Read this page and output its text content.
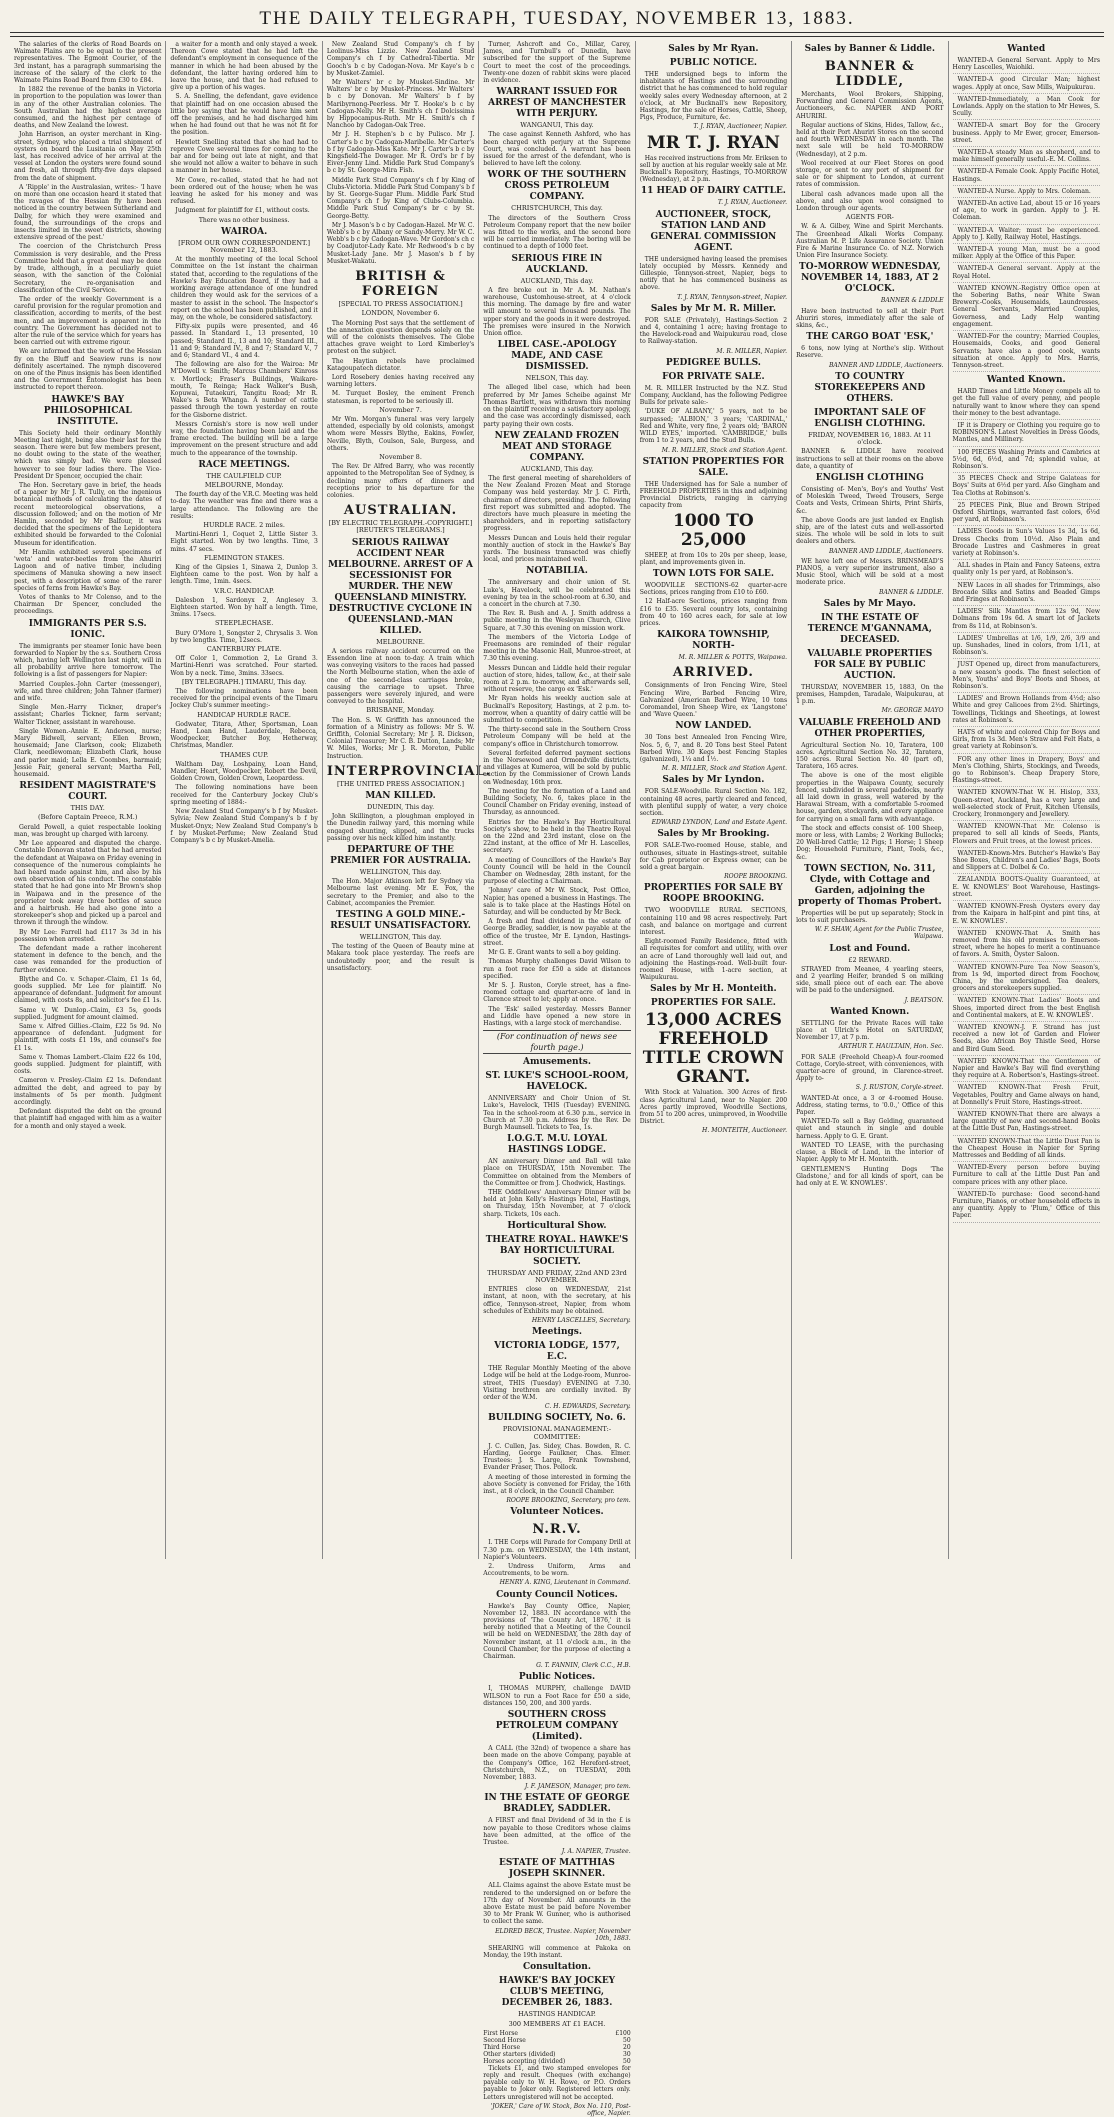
THE DAILY TELEGRAPH, TUESDAY, NOVEMBER 13, 1883.

The salaries of the clerks of Road Boards on Waimate Plains are to be equal to the present representatives. The Egmont Courier, of the 3rd instant, has a paragraph summarising the increase of the salary of the clerk to the Waimate Plains Road Board from £30 to £84.

In 1882 the revenue of the banks in Victoria in proportion to the population was lower than in any of the other Australian colonies. The South Australian had the highest average consumed, and the highest per centage of deaths, and New Zealand the lowest.

John Harrison, an oyster merchant in King-street, Sydney, who placed a trial shipment of oysters on board the Lusitania on May 25th last, has received advice of her arrival at the vessel at London the oysters were found sound and fresh, all through fifty-five days elapsed from the date of shipment.

A 'Ripple' in the Australasian, writes:- 'I have on more than one occasion heard it stated that the ravages of the Hessian fly have been noticed in the country between Sutherland and Dalby, for which they were examined and found, the surroundings of the crops and insects limited in the sweet districts, showing extensive spread of the pest.'

The coercion of the Christchurch Press Commission is very desirable, and the Press Committee hold that a great deal may be done by trade, although, in a peculiarly quiet season, with the sanction of the Colonial Secretary, the re-organisation and classification of the Civil Service.

The order of the weekly Government is a careful provision for the regular promotion and classification, according to merits, of the best men, and an improvement is apparent in the country. The Government has decided not to alter the rule of the service which for years has been carried out with extreme rigour.

We are informed that the work of the Hessian fly on the Bluff and Seaview runs is now definitely ascertained. The nymph discovered on one of the Pinus insignis has been identified and the Government Entomologist has been instructed to report thereon.

HAWKE'S BAY PHILOSOPHICAL INSTITUTE.

This Society held their ordinary Monthly Meeting last night, being also their last for the season. There were but few members present, no doubt owing to the state of the weather, which was simply bad. We were pleased however to see four ladies there. The Vice-President Dr Spencer, occupied the chair.

The Hon. Secretary gave in brief, the heads of a paper by Mr J. R. Tully, on the ingenious botanical methods of calculating the dates of recent meteorological observations, a discussion followed; and on the motion of Mr Hamlin, seconded by Mr Balfour, it was decided that the specimens of the Lepidoptera exhibited should be forwarded to the Colonial Museum for identification.

Mr Hamlin exhibited several specimens of 'weta' and water-beetles from the Ahuriri Lagoon and of native timber, including specimens of Manuka showing a new insect pest, with a description of some of the rarer species of ferns from Hawke's Bay.

Votes of thanks to Mr Colenso, and to the Chairman Dr Spencer, concluded the proceedings.

IMMIGRANTS PER S.S. IONIC.

The immigrants per steamer Ionic have been forwarded to Napier by the s.s. Southern Cross which, having left Wellington last night, will in all probability arrive here tomorrow. The following is a list of passengers for Napier:

Married Couples.-John Carter (messenger), wife, and three children; John Tahner (farmer) and wife.

Single Men.-Harry Tickner, draper's assistant; Charles Tickner, farm servant; Walter Tickner, assistant in warehouse.

Single Women.-Annie E. Anderson, nurse; Mary Bidwell, servant; Ellen Brown, housemaid; Jane Clarkson, cook; Elizabeth Clark, needlewoman; Elizabeth Clark, house and parlor maid; Lella E. Coombes, barmaid; Jessie Fair, general servant; Martha Fell, housemaid.

RESIDENT MAGISTRATE'S COURT.
THIS DAY.
(Before Captain Preece, R.M.)

Gerald Powell, a quiet respectable looking man, was brought up charged with larceny.

Mr Lee appeared and disputed the charge. Constable Donovan stated that he had arrested the defendant at Waipawa on Friday evening in consequence of the numerous complaints he had heard made against him, and also by his own observation of his conduct. The constable stated that he had gone into Mr Brown's shop in Waipawa and in the presence of the proprietor took away three bottles of sauce and a hairbrush. He had also gone into a storekeeper's shop and picked up a parcel and thrown it through the window.

By Mr Lee: Farrell had £117 3s 3d in his possession when arrested.

The defendant made a rather incoherent statement in defence to the bench, and the case was remanded for the production of further evidence.

Blythe and Co. v. Schaper.-Claim, £1 1s 6d, goods supplied. Mr Lee for plaintiff. No appearance of defendant. Judgment for amount claimed, with costs 8s, and solicitor's fee £1 1s.

Same v. W. Dunlop.-Claim, £3 5s, goods supplied. Judgment for amount claimed.

Same v. Alfred Gillies.-Claim, £22 5s 9d. No appearance of defendant. Judgment for plaintiff, with costs £1 19s, and counsel's fee £1 1s.

Same v. Thomas Lambert.-Claim £22 6s 10d, goods supplied. Judgment for plaintiff, with costs.

Cameron v. Presley.-Claim £2 1s. Defendant admitted the debt, and agreed to pay by instalments of 5s per month. Judgment accordingly.

Defendant disputed the debt on the ground that plaintiff had engaged with him as a waiter for a month and only stayed a week.

a waiter for a month and only stayed a week. Thereon Cowe stated that he had left the defendant's employment in consequence of the manner in which he had been abused by the defendant, the latter having ordered him to leave the house, and that he had refused to give up a portion of his wages.

S. A. Snelling, the defendant, gave evidence that plaintiff had on one occasion abused the little boy saying that he would have him sent off the premises, and he had discharged him when he had found out that he was not fit for the position.

Hewlett Snelling stated that she had had to reprove Cowe several times for coming to the bar and for being out late at night, and that she would not allow a waiter to behave in such a manner in her house.

Mr Cowe, re-called, stated that he had not been ordered out of the house; when he was leaving he asked for his money and was refused.

Judgment for plaintiff for £1, without costs.

There was no other business.
WAIROA.
[FROM OUR OWN CORRESPONDENT.] November 12, 1883.

At the monthly meeting of the local School Committee on the 1st instant the chairman stated that, according to the regulations of the Hawke's Bay Education Board, if they had a working average attendance of one hundred children they would ask for the services of a master to assist in the school. The Inspector's report on the school has been published, and it may, on the whole, be considered satisfactory.

Fifty-six pupils were presented, and 46 passed. In Standard I., 13 presented, 10 passed; Standard II., 13 and 10; Standard III., 11 and 9; Standard IV., 8 and 7; Standard V., 7 and 6; Standard VI., 4 and 4.

The following are also for the Wairoa: Mr M'Dowell v. Smith; Marcus Chambers' Kinross v. Mortlock; Fraser's Buildings, Waikare-mouth, Te Reinga; Hack Walker's Bush, Kopuwai, Tutaekuri, Tangitu Road; Mr R. Wake's s Beta Whanga. A number of cattle passed through the town yesterday en route for the Gisborne district.

Messrs Cornish's store is now well under way, the foundation having been laid and the frame erected. The building will be a large improvement on the present structure and add much to the appearance of the township.

RACE MEETINGS.
THE CAULFIELD CUP.
MELBOURNE, Monday.

The fourth day of the V.R.C. Meeting was held to-day. The weather was fine and there was a large attendance. The following are the results:

HURDLE RACE. 2 miles.

Martini-Henri 1, Coquet 2, Little Sister 3. Eight started. Won by two lengths. Time, 3 mins. 47 secs.

FLEMINGTON STAKES.

King of the Gipsies 1, Sinawa 2, Dunlop 3. Eighteen came to the post. Won by half a length. Time, 1min. 4secs.

V.R.C. HANDICAP.

Dalesbon 1, Sardonyx 2, Anglesey 3. Eighteen started. Won by half a length. Time, 3mins. 17secs.

STEEPLECHASE.

Bury O'More 1, Songster 2, Chrysalis 3. Won by two lengths. Time, 12secs.

CANTERBURY PLATE.

Off Color 1, Commotion 2, Le Grand 3. Martini-Henri was scratched. Four started. Won by a neck. Time, 3mins. 33secs.

[BY TELEGRAPH.] TIMARU, This day.

The following nominations have been received for the principal events of the Timaru Jockey Club's summer meeting:-

HANDICAP HURDLE RACE.

Godwater, Titara, Ather, Sportsman, Loan Hand, Loan Hand, Lauderdale, Rebecca, Woodpecker, Butcher Boy, Hetherway, Christmas, Mandler.

THAMES CUP.

Waltham Day, Loshpainy, Loan Hand, Mandler, Heart, Woodpecker, Robert the Devil, Golden Crown, Golden Crown, Leopardess.

The following nominations have been received for the Canterbury Jockey Club's spring meeting of 1884:-

New Zealand Stud Company's b f by Musket-Sylvia; New Zealand Stud Company's b f by Musket-Onyx; New Zealand Stud Company's b f by Musket-Perfume; New Zealand Stud Company's b c by Musket-Amelia.

New Zealand Stud Company's ch f by Leolinus-Miss Lizzie. New Zealand Stud Company's ch f by Cathedral-Tibertia. Mr Gooch's b c by Cadogan-Nova. Mr Kaye's b c by Musket-Zamiel.

Mr Walters' br c by Musket-Sindine. Mr Walters' br c by Musket-Princess. Mr Walters' b c by Donovan. Mr Walters' b f by Maribyrnong-Peerless. Mr T. Hooke's b c by Cadogan-Nelly. Mr H. Smith's ch f Dolcissima by Hippocampus-Ruth. Mr H. Smith's ch f Nanchoo by Cadogan-Oak Tree.

Mr J. H. Stephen's b c by Pulisco. Mr J. Carter's b c by Cadogan-Maribelle. Mr Carter's b f by Cadogan-Miss Kate. Mr J. Carter's b c by Kingsfield-The Dowager. Mr R. Ord's br f by Eiver-Jenny Lind. Middle Park Stud Company's b c by St. George-Mira Fish.

Middle Park Stud Company's ch f by King of Clubs-Victoria. Middle Park Stud Company's b f by St. George-Sugar Plum. Middle Park Stud Company's ch f by King of Clubs-Columbia. Middle Park Stud Company's br c by St. George-Betty.

Mr J. Mason's b c by Cadogan-Hazel. Mr W. C. Webb's b c by Albany or Sandy-Merry. Mr W. C. Webb's b c by Cadogan-Wave. Mr Gordon's ch c by Coadjutor-Lady Kate. Mr Redwood's b c by Musket-Lady Jane. Mr J. Mason's b f by Musket-Wakatu.

BRITISH & FOREIGN
[SPECIAL TO PRESS ASSOCIATION.]
LONDON, November 6.

The Morning Post says that the settlement of the annexation question depends solely on the will of the colonists themselves. The Globe attaches grave weight to Lord Kimberley's protest on the subject.

The Haytian rebels have proclaimed Katagoupatech dictator.

Lord Rosebery denies having received any warning letters.

M. Turquet Bosley, the eminent French statesman, is reported to be seriously ill.

November 7.

Mr Wm. Morgan's funeral was very largely attended, especially by old colonists, amongst whom were Messrs Blythe, Eakins, Fowler, Neville, Blyth, Coulson, Sale, Burgess, and others.

November 8.

The Rev. Dr Alfred Barry, who was recently appointed to the Metropolitan See of Sydney, is declining many offers of dinners and receptions prior to his departure for the colonies.

AUSTRALIAN.
[BY ELECTRIC TELEGRAPH.-COPYRIGHT.] [REUTER'S TELEGRAMS.]
SERIOUS RAILWAY ACCIDENT NEAR MELBOURNE. ARREST OF A SECESSIONIST FOR MURDER. THE NEW QUEENSLAND MINISTRY. DESTRUCTIVE CYCLONE IN QUEENSLAND.-MAN KILLED.
MELBOURNE.

A serious railway accident occurred on the Essendon line at noon to-day. A train which was conveying visitors to the races had passed the North Melbourne station, when the axle of one of the second-class carriages broke, causing the carriage to upset. Three passengers were severely injured, and were conveyed to the hospital.

BRISBANE, Monday.

The Hon. S. W. Griffith has announced the formation of a Ministry as follows: Mr S. W. Griffith, Colonial Secretary; Mr J. R. Dickson, Colonial Treasurer; Mr C. B. Dutton, Lands; Mr W. Miles, Works; Mr J. R. Moreton, Public Instruction.

INTERPROVINCIAL.
[THE UNITED PRESS ASSOCIATION.]
MAN KILLED.
DUNEDIN, This day.

John Skillington, a ploughman employed in the Dunedin railway yard, this morning while engaged shunting, slipped, and the trucks passing over his neck killed him instantly.

DEPARTURE OF THE PREMIER FOR AUSTRALIA.
WELLINGTON, This day.

The Hon. Major Atkinson left for Sydney via Melbourne last evening. Mr E. Fox, the secretary to the Premier, and also to the Cabinet, accompanies the Premier.

TESTING A GOLD MINE.-RESULT UNSATISFACTORY.
WELLINGTON, This day.

The testing of the Queen of Beauty mine at Makara took place yesterday. The reefs are undoubtedly poor, and the result is unsatisfactory.

Turner, Ashcroft and Co., Millar, Carey, James, and Turnbull's of Dunedin, have subscribed for the support of the Supreme Court to meet the cost of the proceedings. Twenty-one dozen of rabbit skins were placed in evidence.

WARRANT ISSUED FOR ARREST OF MANCHESTER WITH PERJURY.
WANGANUI, This day.

The case against Kenneth Ashford, who has been charged with perjury at the Supreme Court, was concluded. A warrant has been issued for the arrest of the defendant, who is believed to have left the colony.

WORK OF THE SOUTHERN CROSS PETROLEUM COMPANY.
CHRISTCHURCH, This day.

The directors of the Southern Cross Petroleum Company report that the new boiler was fitted to the works, and the second bore will be carried immediately. The boring will be continued to a depth of 1000 feet.

SERIOUS FIRE IN AUCKLAND.
AUCKLAND, This day.

A fire broke out in Mr A. M. Nathan's warehouse, Customhouse-street, at 4 o'clock this morning. The damage by fire and water will amount to several thousand pounds. The upper story and the goods in it were destroyed. The premises were insured in the Norwich Union office.

LIBEL CASE.-APOLOGY MADE, AND CASE DISMISSED.
NELSON, This day.

The alleged libel case, which had been preferred by Mr James Scheibe against Mr Thomas Bartlett, was withdrawn this morning on the plaintiff receiving a satisfactory apology, and the case was accordingly dismissed, each party paying their own costs.

NEW ZEALAND FROZEN MEAT AND STORAGE COMPANY.
AUCKLAND, This day.

The first general meeting of shareholders of the New Zealand Frozen Meat and Storage Company was held yesterday. Mr J. C. Firth, chairman of directors, presiding. The following first report was submitted and adopted. The directors have much pleasure in meeting the shareholders, and in reporting satisfactory progress.

Messrs Duncan and Louis held their regular monthly auction of stock in the Hawke's Bay yards. The business transacted was chiefly local, and prices maintained well.

NOTABILIA.

The anniversary and choir union of St. Luke's, Havelock, will be celebrated this evening by tea in the school-room at 6.30, and a concert in the church at 7.30.

The Rev. R. Bush and A. J. Smith address a public meeting in the Wesleyan Church, Clive Square, at 7.30 this evening on mission work.

The members of the Victoria Lodge of Freemasons are reminded of their regular meeting in the Masonic Hall, Munroe-street, at 7.30 this evening.

Messrs Duncan and Liddle held their regular auction of store, hides, tallow, &c., at their sale room at 2 p.m. to-morrow, and afterwards sell, without reserve, the cargo ex 'Esk.'

Mr Ryan holds his weekly auction sale at Bucknall's Repository, Hastings, at 2 p.m. to-morrow, when a quantity of dairy cattle will be submitted to competition.

The thirty-second sale in the Southern Cross Petroleum Company will be held at the company's office in Christchurch tomorrow.

Several forfeited deferred payment sections in the Norsewood and Ormondville districts, and villages at Kumeroa, will be sold by public auction by the Commissioner of Crown Lands on Wednesday, 16th prox.

The meeting for the formation of a Land and Building Society, No. 6, takes place in the Council Chamber on Friday evening, instead of Thursday, as announced.

Entries for the Hawke's Bay Horticultural Society's show, to be held in the Theatre Royal on the 22nd and 23rd instant, close on the 22nd instant, at the office of Mr H. Lascelles, secretary.

A meeting of Councillors of the Hawke's Bay County Council will be held in the Council Chamber on Wednesday, 28th instant, for the purpose of electing a Chairman.

'Johnny' care of Mr W. Stock, Post Office, Napier, has opened a business in Hastings. The sale is to take place at the Hastings Hotel on Saturday, and will be conducted by Mr Beck.

A fresh and final dividend in the estate of George Bradley, saddler, is now payable at the office of the trustee, Mr E. Lyndon, Hastings-street.

Mr G. E. Grant wants to sell a boy gelding.

Thomas Murphy challenges David Wilson to run a foot race for £50 a side at distances specified.

Mr S. J. Ruston, Coryle street, has a fine-roomed cottage and quarter-acre of land in Clarence street to let; apply at once.

The 'Esk' sailed yesterday. Messrs Banner and Liddle have opened a new store in Hastings, with a large stock of merchandise.

(For continuation of news see fourth page.)
Amusements.
ST. LUKE'S SCHOOL-ROOM, HAVELOCK.

ANNIVERSARY and Choir Union of St. Luke's, Havelock, THIS (Tuesday) EVENING. Tea in the school-room at 6.30 p.m., service in Church at 7.30 p.m. Address by the Rev. De Burgh Maunsell. Tickets to Tea, 1s.

I.O.G.T. M.U. LOYAL HASTINGS LODGE.

AN anniversary Dinner and Ball will take place on THURSDAY, 15th November. The Committee on obtained from the Members of the Committee or from J. Chodwick, Hastings.

THE Oddfellows' Anniversary Dinner will be held at John Kelly's Hastings Hotel, Hastings, on Thursday, 15th November, at 7 o'clock sharp. Tickets, 10s each.

Horticultural Show.
THEATRE ROYAL. HAWKE'S BAY HORTICULTURAL SOCIETY.
THURSDAY AND FRIDAY, 22nd AND 23rd NOVEMBER.

ENTRIES close on WEDNESDAY, 21st instant, at noon, with the secretary, at his office, Tennyson-street, Napier, from whom schedules of Exhibits may be obtained.

HENRY LASCELLES, Secretary.
Meetings.
VICTORIA LODGE, 1577, E.C.

THE Regular Monthly Meeting of the above Lodge will be held at the Lodge-room, Munroe-street, THIS (Tuesday) EVENING at 7.30. Visiting brethren are cordially invited. By order of the W.M.

C. H. EDWARDS, Secretary.
BUILDING SOCIETY, No. 6.
PROVISIONAL MANAGEMENT:- COMMITTEE:

J. C. Cullen, Jas. Sidey, Chas. Bowden, R. C. Harding, George Faulkner, Chas. Elmer. Trustees: J. S. Large, Frank Townshend, Evander Fraser, Thos. Pollock.

A meeting of those interested in forming the above Society is convened for Friday, the 16th inst., at 8 o'clock, in the Council Chamber.

ROOPE BROOKING, Secretary, pro tem.
Volunteer Notices.
N.R.V.

I. THE Corps will Parade for Company Drill at 7.30 p.m. on WEDNESDAY, the 14th instant, Napier's Volunteers.

2. Undress Uniform, Arms and Accoutrements, to be worn.

HENRY A. KING, Lieutenant in Command.
County Council Notices.

Hawke's Bay County Office, Napier, November 12, 1883. IN accordance with the provisions of 'The County Act, 1876,' it is hereby notified that a Meeting of the Council will be held on WEDNESDAY, the 28th day of November instant, at 11 o'clock a.m., in the Council Chamber, for the purpose of electing a Chairman.

G. T. FANNIN, Clerk C.C., H.B.
Public Notices.

I, THOMAS MURPHY, challenge DAVID WILSON to run a Foot Race for £50 a side, distances 150, 200, and 300 yards.

SOUTHERN CROSS PETROLEUM COMPANY (Limited).

A CALL (the 32nd) of twopence a share has been made on the above Company, payable at the Company's Office, 162 Hereford-street, Christchurch, N.Z., on TUESDAY, 20th November, 1883.

J. F. JAMESON, Manager, pro tem.
IN THE ESTATE OF GEORGE BRADLEY, SADDLER.

A FIRST and final Dividend of 3d in the £ is now payable to those Creditors whose claims have been admitted, at the office of the Trustee.

J. A. NAPIER, Trustee.
ESTATE OF MATTHIAS JOSEPH SKINNER.

ALL Claims against the above Estate must be rendered to the undersigned on or before the 17th day of November. All amounts in the above Estate must be paid before November 30 to Mr Frank W. Gunner, who is authorised to collect the same.

ELDRED BECK, Trustee. Napier, November 10th, 1883.

SHEARING will commence at Pakoka on Monday, the 19th instant.

Consultation.
HAWKE'S BAY JOCKEY CLUB'S MEETING, DECEMBER 26, 1883.
HASTINGS HANDICAP.
300 MEMBERS AT £1 EACH.
First Horse	£100
Second Horse	50
Third Horse	20
Other starters (divided)	30
Horses accepting (divided)	50

Tickets £1, and two stamped envelopes for reply and result. Cheques (with exchange) payable only to W. H. Rowe, or P.O. Orders payable to Joker only. Registered letters only. Letters unregistered will not be accepted.

'JOKER,' Care of W. Stock, Box No. 110, Post-office, Napier.
Sales by Mr Ryan.
PUBLIC NOTICE.

THE undersigned begs to inform the inhabitants of Hastings and the surrounding district that he has commenced to hold regular weekly sales every Wednesday afternoon, at 2 o'clock, at Mr Bucknall's new Repository, Hastings, for the sale of Horses, Cattle, Sheep, Pigs, Produce, Furniture, &c.

T. J. RYAN, Auctioneer, Napier.
MR T. J. RYAN

Has received instructions from Mr. Eriksen to sell by auction at his regular weekly sale at Mr. Bucknall's Repository, Hastings, TO-MORROW (Wednesday), at 2 p.m.

11 HEAD OF DAIRY CATTLE.
T. J. RYAN, Auctioneer.
AUCTIONEER, STOCK, STATION LAND AND GENERAL COMMISSION AGENT.

THE undersigned having leased the premises lately occupied by Messrs. Kennedy and Gillespie, Tennyson-street, Napier, begs to notify that he has commenced business as above.

T. J. RYAN, Tennyson-street, Napier.
Sales by Mr M. R. Miller.

FOR SALE (Privately), Hastings-Section 2 and 4, containing 1 acre; having frontage to the Havelock-road and Waipukurau road, close to Railway-station.

M. R. MILLER, Napier.
PEDIGREE BULLS.
FOR PRIVATE SALE.

M. R. MILLER Instructed by the N.Z. Stud Company, Auckland, has the following Pedigree Bulls for private sale:-

'DUKE OF ALBANY,' 5 years, not to be surpassed; 'ALBION,' 3 years; 'CARDINAL,' Red and White, very fine, 2 years old; 'BARON WILD EYES,' imported. 'CAMBRIDGE,' bulls from 1 to 2 years, and the Stud Bulls.

M. R. MILLER, Stock and Station Agent.
STATION PROPERTIES FOR SALE.

THE Undersigned has for Sale a number of FREEHOLD PROPERTIES in this and adjoining Provincial Districts, ranging in carrying capacity from

1000 TO 25,000

SHEEP, at from 10s to 20s per sheep, lease, plant, and improvements given in.

TOWN LOTS FOR SALE.

WOODVILLE SECTIONS-62 quarter-acre Sections, prices ranging from £10 to £60.

12 Half-acre Sections, prices ranging from £16 to £35. Several country lots, containing from 40 to 160 acres each, for sale at low prices.

KAIKORA TOWNSHIP, NORTH-
M. R. MILLER & POTTS, Waipawa.
ARRIVED.

Consignments of Iron Fencing Wire, Steel Fencing Wire, Barbed Fencing Wire, Galvanized (American Barbed Wire, 10 tons Coromandel, Iron Sheep Wire, ex 'Langstone' and 'Wave Queen.'

NOW LANDED.

30 Tons best Annealed Iron Fencing Wire, Nos. 5, 6, 7, and 8. 20 Tons best Steel Patent Barbed Wire. 30 Kegs best Fencing Staples (galvanized), 1¼ and 1½.

M. R. MILLER, Stock and Station Agent.
Sales by Mr Lyndon.

FOR SALE-Woodville. Rural Section No. 182, containing 48 acres, partly cleared and fenced, with plentiful supply of water, a very choice section.

EDWARD LYNDON, Land and Estate Agent.
Sales by Mr Brooking.

FOR SALE-Two-roomed House, stable, and outhouses, situate in Hastings-street, suitable for Cab proprietor or Express owner, can be sold a great bargain.

ROOPE BROOKING.
PROPERTIES FOR SALE BY ROOPE BROOKING.

TWO WOODVILLE RURAL SECTIONS, containing 110 and 98 acres respectively. Part cash, and balance on mortgage and current interest.

Eight-roomed Family Residence, fitted with all requisites for comfort and utility, with over an acre of Land thoroughly well laid out, and adjoining the Hastings-road. Well-built four-roomed House, with 1-acre section, at Waipukurau.

Sales by Mr H. Monteith.
PROPERTIES FOR SALE.
13,000 ACRES FREEHOLD TITLE CROWN GRANT.

With Stock at Valuation. 300 Acres of first-class Agricultural Land, near to Napier. 200 Acres partly improved, Woodville Sections, from 51 to 200 acres, unimproved, in Woodville District.

H. MONTEITH, Auctioneer.
Sales by Banner & Liddle.
BANNER & LIDDLE,

Merchants, Wool Brokers, Shipping, Forwarding and General Commission Agents, Auctioneers, &c. NAPIER AND PORT AHURIRI.

Regular auctions of Skins, Hides, Tallow, &c., held at their Port Ahuriri Stores on the second and fourth WEDNESDAY in each month. The next sale will be held TO-MORROW (Wednesday), at 2 p.m.

Wool received at our Fleet Stores on good storage, or sent to any port of shipment for sale or for shipment to London, at current rates of commission.

Liberal cash advances made upon all the above, and also upon wool consigned to London through our agents.

AGENTS FOR-

W. & A. Gilbey, Wine and Spirit Merchants. The Greenhead Alkali Works Company. Australian M. P. Life Assurance Society. Union Fire & Marine Insurance Co. of N.Z. Norwich Union Fire Insurance Society.

TO-MORROW WEDNESDAY, NOVEMBER 14, 1883, AT 2 O'CLOCK.
BANNER & LIDDLE

Have been instructed to sell at their Port Ahuriri stores, immediately after the sale of skins, &c.,

THE CARGO BOAT 'ESK,'

6 tons, now lying at Northe's slip. Without Reserve.

BANNER AND LIDDLE, Auctioneers.
TO COUNTRY STOREKEEPERS AND OTHERS.
IMPORTANT SALE OF ENGLISH CLOTHING.
FRIDAY, NOVEMBER 16, 1883. At 11 o'clock.

BANNER & LIDDLE have received instructions to sell at their rooms on the above date, a quantity of

ENGLISH CLOTHING

Consisting of- Men's, Boy's and Youths' Vest of Moleskin Tweed, Tweed Trousers, Serge Coats and Vests, Crimean Shirts, Print Shirts, &c.

The above Goods are just landed ex English ship, are of the latest cuts and well-assorted sizes. The whole will be sold in lots to suit dealers and others.

BANNER AND LIDDLE, Auctioneers.

WE have left one of Messrs. BRINSMEAD'S PIANOS, a very superior instrument, also a Music Stool, which will be sold at a most moderate price.

BANNER & LIDDLE.
Sales by Mr Mayo.
IN THE ESTATE OF TERENCE M'GANNAMA, DECEASED.
VALUABLE PROPERTIES FOR SALE BY PUBLIC AUCTION.

THURSDAY, NOVEMBER 15, 1883, On the premises, Hampden, Taradale, Waipukurau, at 1 p.m.

Mr. GEORGE MAYO
VALUABLE FREEHOLD AND OTHER PROPERTIES,

Agricultural Section No. 10, Taratera, 100 acres. Agricultural Section No. 32, Taratera, 150 acres. Rural Section No. 40 (part of), Taratera, 165 acres.

The above is one of the most eligible properties in the Waipawa County, securely fenced, subdivided in several paddocks, nearly all laid down in grass, well watered by the Harawai Stream, with a comfortable 5-roomed house, garden, stockyards, and every appliance for carrying on a small farm with advantage.

The stock and effects consist of- 100 Sheep, more or less, with Lambs; 2 Working Bullocks; 20 Well-bred Cattle; 12 Pigs; 1 Horse; 1 Sheep Dog; Household Furniture, Plant, Tools, &c., &c.

TOWN SECTION, No. 311, Clyde, with Cottage and Garden, adjoining the property of Thomas Probert.

Properties will be put up separately; Stock in lots to suit purchasers.

W. F. SHAW, Agent for the Public Trustee, Waipawa.
Lost and Found.
£2 REWARD.

STRAYED from Meanee, 4 yearling steers, and 2 yearling Heifer, branded S on milking side, small piece out of each ear. The above will be paid to the undersigned.

J. BEATSON.
Wanted Known.

SETTLING for the Private Races will take place at Ulrich's Hotel on SATURDAY, November 17, at 7 p.m.

ARTHUR T. HAULTAIN, Hon. Sec.

FOR SALE (Freehold Cheap)-A four-roomed Cottage, Coryle-street, with conveniences, with quarter-acre of ground, in Clarence-street. Apply to-

S. J. RUSTON, Coryle-street.

WANTED-At once, a 3 or 4-roomed House. Address, stating terms, to '0.0.,' Office of this Paper.

WANTED-To sell a Bay Gelding, guaranteed quiet and staunch in single and double harness. Apply to G. E. Grant.

WANTED TO LEASE, with the purchasing clause, a Block of Land, in the interior of Napier. Apply to Mr H. Monteith.

GENTLEMEN'S Hunting Dogs 'The Gladstone,' and for all kinds of sport, can be had only at E. W. KNOWLES'.

Wanted

WANTED-A General Servant. Apply to Mrs Henry Lascelles, Waiohiki.

WANTED-A good Circular Man; highest wages. Apply at once, Saw Mills, Waipukurau.

WANTED-Immediately, a Man Cook for Lowlands. Apply on the station to Mr Hewes, S. Scully.

WANTED-A smart Boy for the Grocery business. Apply to Mr Ewer, grocer, Emerson-street.

WANTED-A steady Man as shepherd, and to make himself generally useful.-E. M. Collins.

WANTED-A Female Cook. Apply Pacific Hotel, Hastings.

WANTED-A Nurse. Apply to Mrs. Coleman.

WANTED-An active Lad, about 15 or 16 years of age, to work in garden. Apply to J. H. Coleman.

WANTED-A Waiter; must be experienced. Apply to J. Kelly, Railway Hotel, Hastings.

WANTED-A young Man, must be a good milker. Apply at the Office of this Paper.

WANTED-A General servant. Apply at the Royal Hotel.

WANTED KNOWN.-Registry Office open at the Sobering Baths, near White Swan Brewery.-Cooks, Housemaids, Laundresses, General Servants, Married Couples, Governess, and Lady Help wanting engagement.

WANTED-For the country; Married Couples, Housemaids, Cooks, and good General Servants; have also a good cook, wants situation at once. Apply to Mrs. Harris, Tennyson-street.

Wanted Known.

HARD Times and Little Money compels all to get the full value of every penny, and people naturally want to know where they can spend their money to the best advantage.

IF it is Drapery or Clothing you require go to ROBINSON'S. Latest Novelties in Dress Goods, Mantles, and Millinery.

100 PIECES Washing Prints and Cambrics at 5½d, 6d, 6½d, and 7d; splendid value, at Robinson's.

35 PIECES Check and Stripe Galateas for Boys' Suits at 6½d per yard. Also Gingham and Tea Cloths at Robinson's.

25 PIECES Pink, Blue and Brown Striped Oxford Shirtings, warranted fast colors, 6½d per yard, at Robinson's.

LADIES Goods in Sun's Values 1s 3d, 1s 6d, Dress Checks from 10½d. Also Plain and Brocade Lustres and Cashmeres in great variety at Robinson's.

ALL shades in Plain and Fancy Sateens, extra quality only 1s per yard, at Robinson's.

NEW Laces in all shades for Trimmings, also Brocade Silks and Satins and Beaded Gimps and Fringes at Robinson's.

LADIES' Silk Mantles from 12s 9d, New Dolmans from 19s 6d. A smart lot of Jackets from 8s 11d, at Robinson's.

LADIES' Umbrellas at 1/6, 1/9, 2/6, 3/9 and up. Sunshades, lined in colors, from 1/11, at Robinson's.

JUST Opened up, direct from manufacturers, a new season's goods. The finest selection of Men's, Youths' and Boys' Boots and Shoes, at Robinson's.

LADIES' and Brown Hollands from 4½d; also White and grey Calicoes from 2½d. Shirtings, Towellings, Tickings and Sheetings, at lowest rates at Robinson's.

HATS of white and colored Chip for Boys and Girls, from 1s 3d. Men's Straw and Felt Hats, a great variety at Robinson's.

FOR any other lines in Drapery, Boys' and Men's Clothing, Shirts, Stockings, and Tweeds, go to Robinson's. Cheap Drapery Store, Hastings-street.

WANTED KNOWN-That W. H. Hislop, 333, Queen-street, Auckland, has a very large and well-selected stock of Fruit, Kitchen Utensils, Crockery, Ironmongery and Jewellery.

WANTED KNOWN-That Mr. Colenso is prepared to sell all kinds of Seeds, Plants, Flowers and Fruit trees, at the lowest prices.

WANTED-Known-Mrs. Butcher's Hawke's Bay Shoe Boxes, Children's and Ladies' Bags, Boots and Slippers at C. Dolbel & Co.

ZEALANDIA BOOTS-Quality Guaranteed, at E. W. KNOWLES' Boot Warehouse, Hastings-street.

WANTED KNOWN-Fresh Oysters every day from the Kaipara in half-pint and pint tins, at E. W. KNOWLES'.

WANTED KNOWN-That A. Smith has removed from his old premises to Emerson-street, where he hopes to merit a continuance of favors. A. Smith, Oyster Saloon.

WANTED KNOWN-Pure Tea Now Season's, from 1s 9d, imported direct from Foochow, China, by the undersigned. Tea dealers, grocers and storekeepers supplied.

WANTED KNOWN-That Ladies' Boots and Shoes, imported direct from the best English and Continental makers, at E. W. KNOWLES'.

WANTED KNOWN-J. F. Strand has just received a new lot of Garden and Flower Seeds, also African Boy Thistle Seed, Horse and Bird Gum Seed.

WANTED KNOWN-That the Gentlemen of Napier and Hawke's Bay will find everything they require at A. Robertson's, Hastings-street.

WANTED KNOWN-That Fresh Fruit, Vegetables, Poultry and Game always on hand, at Donnelly's Fruit Store, Hastings-street.

WANTED KNOWN-That there are always a large quantity of new and second-hand Books at the Little Dust Pan, Hastings-street.

WANTED KNOWN-That the Little Dust Pan is the Cheapest House in Napier for Spring Mattresses and Bedding of all kinds.

WANTED-Every person before buying Furniture to call at the Little Dust Pan and compare prices with any other place.

WANTED-To purchase: Good second-hand Furniture, Pianos, or other household effects in any quantity. Apply to 'Plum,' Office of this Paper.
